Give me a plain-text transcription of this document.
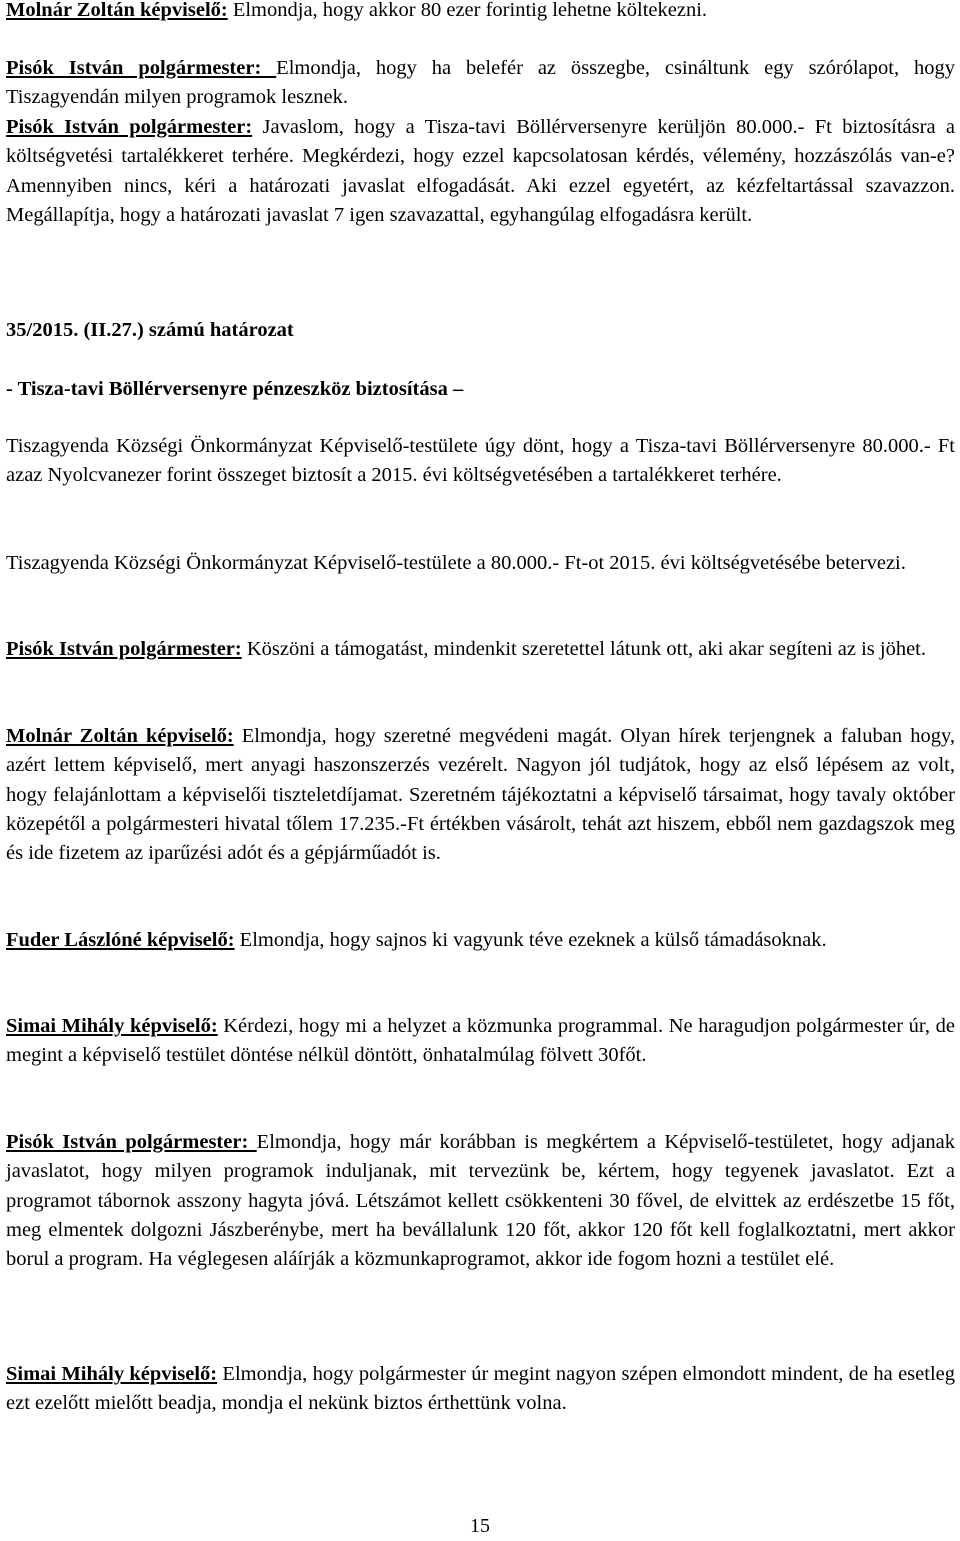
Molnár Zoltán képviselő: Elmondja, hogy akkor 80 ezer forintig lehetne költekezni.

Pisók István polgármester: Elmondja, hogy ha belefér az összegbe, csináltunk egy szórólapot, hogy Tiszagyendán milyen programok lesznek.

Pisók István polgármester: Javaslom, hogy a Tisza-tavi Böllérversenyre kerüljön 80.000.- Ft biztosításra a költségvetési tartalékkeret terhére. Megkérdezi, hogy ezzel kapcsolatosan kérdés, vélemény, hozzászólás van-e? Amennyiben nincs, kéri a határozati javaslat elfogadását. Aki ezzel egyetért, az kézfeltartással szavazzon. Megállapítja, hogy a határozati javaslat 7 igen szavazattal, egyhangúlag elfogadásra került.

35/2015. (II.27.) számú határozat

- Tisza-tavi Böllérversenyre pénzeszköz biztosítása –

Tiszagyenda Községi Önkormányzat Képviselő-testülete úgy dönt, hogy a Tisza-tavi Böllérversenyre 80.000.- Ft azaz Nyolcvanezer forint összeget biztosít a 2015. évi költségvetésében a tartalékkeret terhére.

Tiszagyenda Községi Önkormányzat Képviselő-testülete a 80.000.- Ft-ot 2015. évi költségvetésébe betervezi.

Pisók István polgármester: Köszöni a támogatást, mindenkit szeretettel látunk ott, aki akar segíteni az is jöhet.

Molnár Zoltán képviselő: Elmondja, hogy szeretné megvédeni magát. Olyan hírek terjengnek a faluban hogy, azért lettem képviselő, mert anyagi haszonszerzés vezérelt. Nagyon jól tudjátok, hogy az első lépésem az volt, hogy felajánlottam a képviselői tiszteletdíjamat. Szeretném tájékoztatni a képviselő társaimat, hogy tavaly október közepétől a polgármesteri hivatal tőlem 17.235.-Ft értékben vásárolt, tehát azt hiszem, ebből nem gazdagszok meg és ide fizetem az iparűzési adót és a gépjárműadót is.

Fuder Lászlóné képviselő: Elmondja, hogy sajnos ki vagyunk téve ezeknek a külső támadásoknak.

Simai Mihály képviselő: Kérdezi, hogy mi a helyzet a közmunka programmal. Ne haragudjon polgármester úr, de megint a képviselő testület döntése nélkül döntött, önhatalmúlag fölvett 30főt.

Pisók István polgármester: Elmondja, hogy már korábban is megkértem a Képviselő-testületet, hogy adjanak javaslatot, hogy milyen programok induljanak, mit tervezünk be, kértem, hogy tegyenek javaslatot. Ezt a programot tábornok asszony hagyta jóvá. Létszámot kellett csökkenteni 30 fővel, de elvittek az erdészetbe 15 főt, meg elmentek dolgozni Jászberénybe, mert ha bevállalunk 120 főt, akkor 120 főt kell foglalkoztatni, mert akkor borul a program. Ha véglegesen aláírják a közmunkaprogramot, akkor ide fogom hozni a testület elé.

Simai Mihály képviselő: Elmondja, hogy polgármester úr megint nagyon szépen elmondott mindent, de ha esetleg ezt ezelőtt mielőtt beadja, mondja el nekünk biztos érthettünk volna.

15
